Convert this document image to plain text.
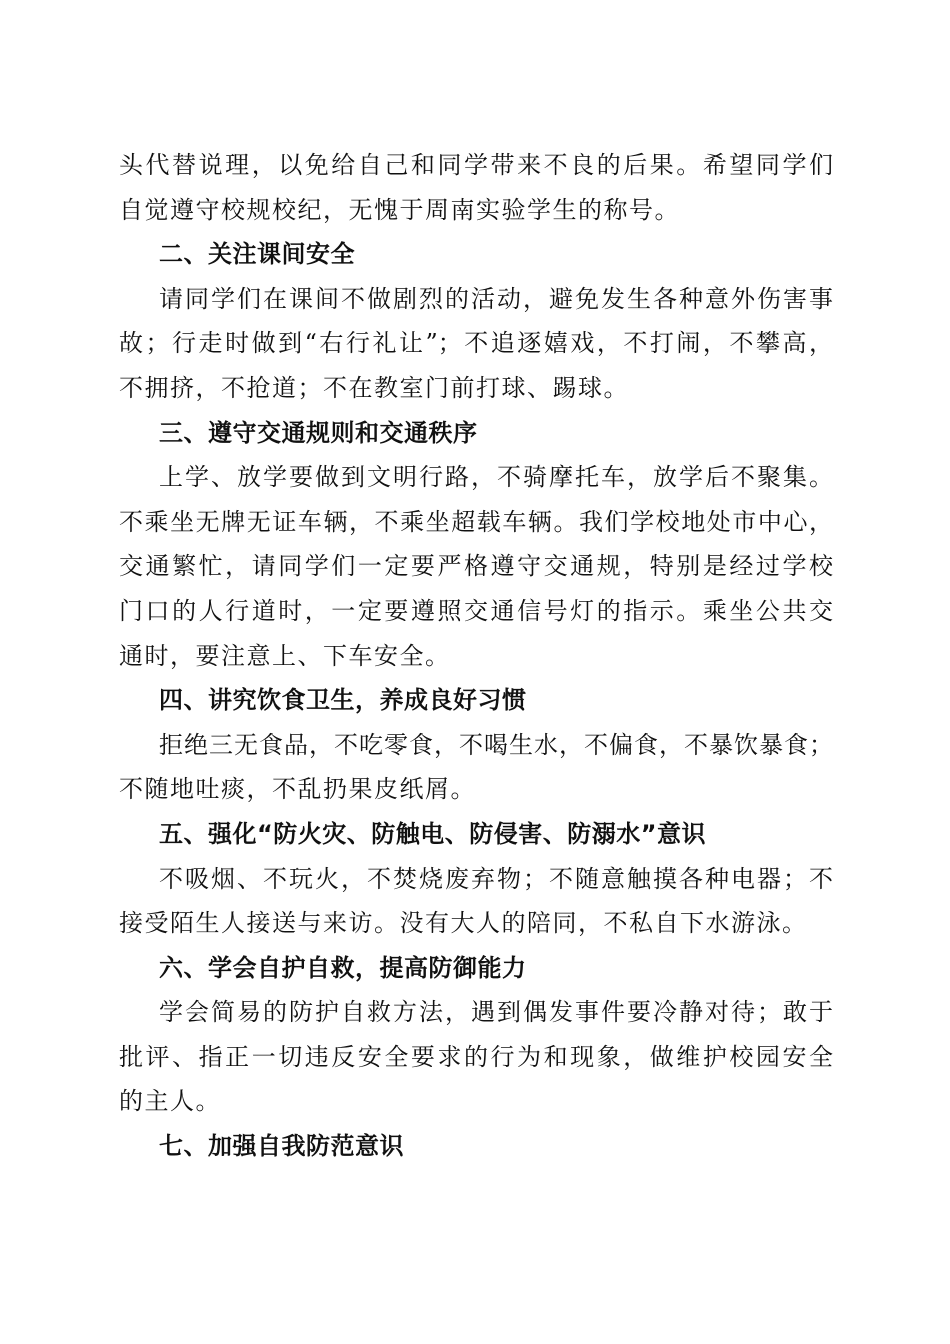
头代替说理，以免给自己和同学带来不良的后果。希望同学们
自觉遵守校规校纪，无愧于周南实验学生的称号。
二、关注课间安全
请同学们在课间不做剧烈的活动，避免发生各种意外伤害事
故；行走时做到“右行礼让”；不追逐嬉戏，不打闹，不攀高，
不拥挤，不抢道；不在教室门前打球、踢球。
三、遵守交通规则和交通秩序
上学、放学要做到文明行路，不骑摩托车，放学后不聚集。
不乘坐无牌无证车辆，不乘坐超载车辆。我们学校地处市中心，
交通繁忙，请同学们一定要严格遵守交通规，特别是经过学校
门口的人行道时，一定要遵照交通信号灯的指示。乘坐公共交
通时，要注意上、下车安全。
四、讲究饮食卫生，养成良好习惯
拒绝三无食品，不吃零食，不喝生水，不偏食，不暴饮暴食；
不随地吐痰，不乱扔果皮纸屑。
五、强化“防火灾、防触电、防侵害、防溺水”意识
不吸烟、不玩火，不焚烧废弃物；不随意触摸各种电器；不
接受陌生人接送与来访。没有大人的陪同，不私自下水游泳。
六、学会自护自救，提高防御能力
学会简易的防护自救方法，遇到偶发事件要冷静对待；敢于
批评、指正一切违反安全要求的行为和现象，做维护校园安全
的主人。
七、加强自我防范意识
